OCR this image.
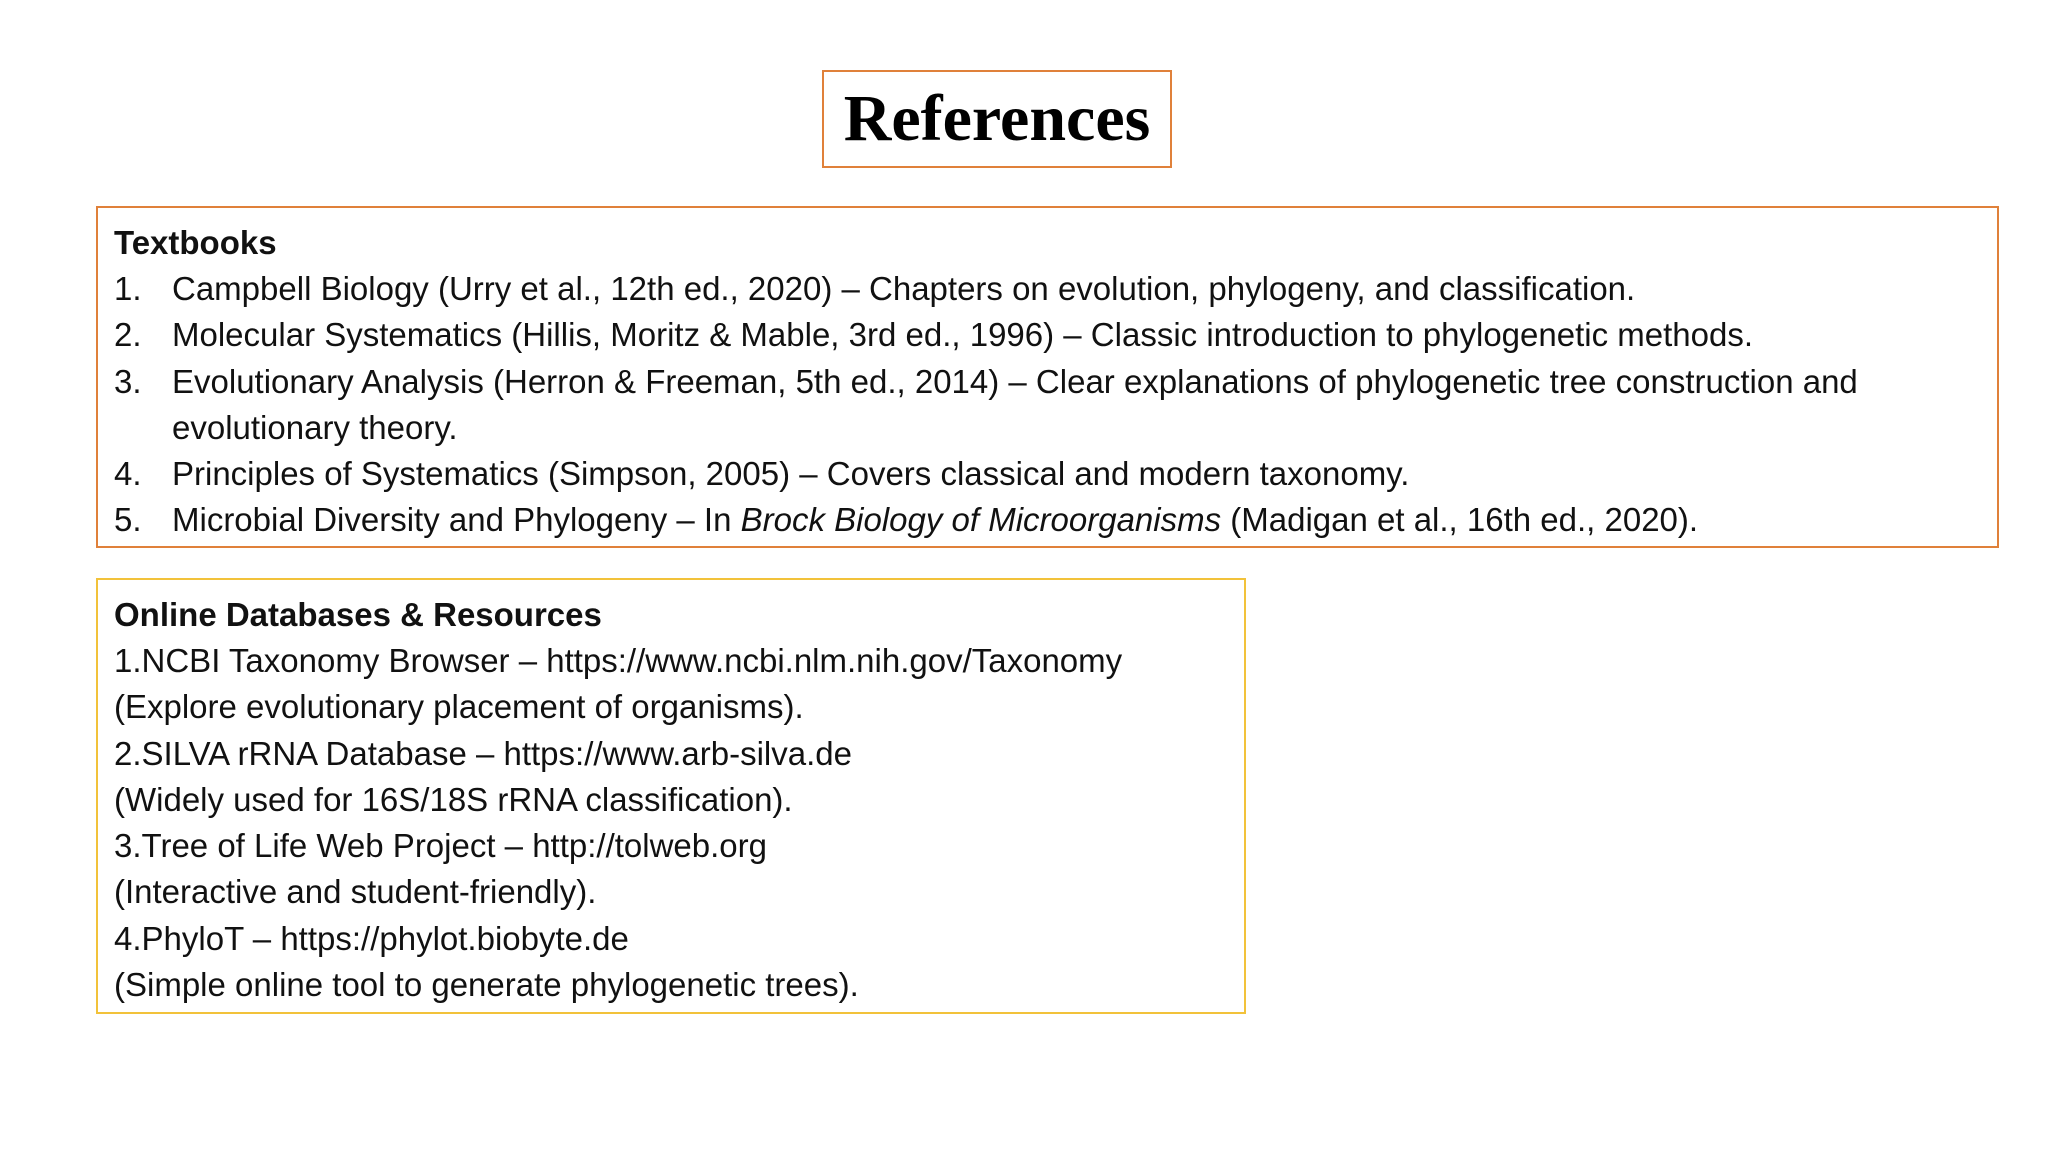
References
Textbooks
1. Campbell Biology (Urry et al., 12th ed., 2020) – Chapters on evolution, phylogeny, and classification.
2. Molecular Systematics (Hillis, Moritz & Mable, 3rd ed., 1996) – Classic introduction to phylogenetic methods.
3. Evolutionary Analysis (Herron & Freeman, 5th ed., 2014) – Clear explanations of phylogenetic tree construction and evolutionary theory.
4. Principles of Systematics (Simpson, 2005) – Covers classical and modern taxonomy.
5. Microbial Diversity and Phylogeny – In Brock Biology of Microorganisms (Madigan et al., 16th ed., 2020).
Online Databases & Resources
1.NCBI Taxonomy Browser – https://www.ncbi.nlm.nih.gov/Taxonomy
(Explore evolutionary placement of organisms).
2.SILVA rRNA Database – https://www.arb-silva.de
(Widely used for 16S/18S rRNA classification).
3.Tree of Life Web Project – http://tolweb.org
(Interactive and student-friendly).
4.PhyloT – https://phylot.biobyte.de
(Simple online tool to generate phylogenetic trees).
